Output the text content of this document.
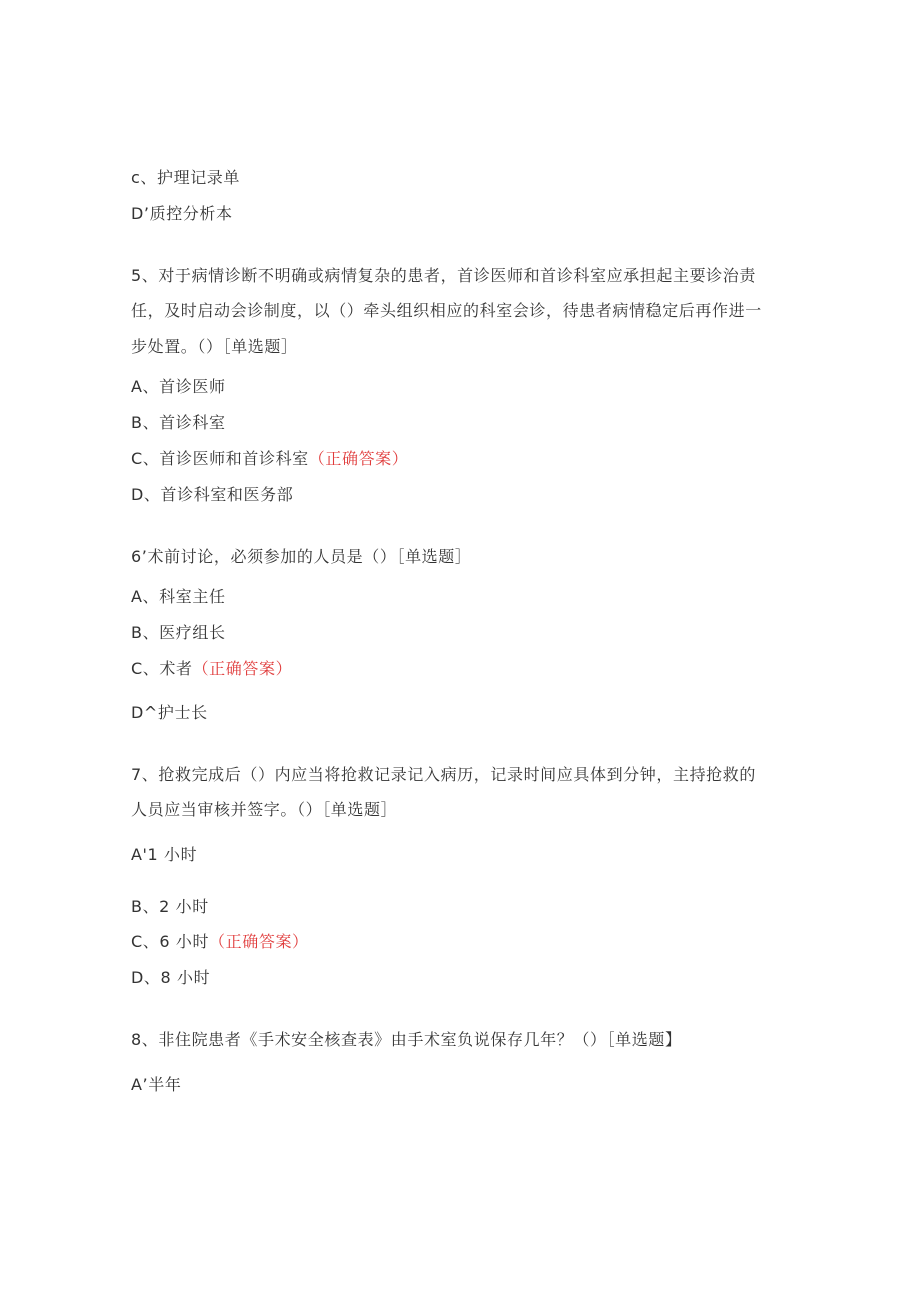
c、护理记录单

D’质控分析本

5、对于病情诊断不明确或病情复杂的患者，首诊医师和首诊科室应承担起主要诊治责

任，及时启动会诊制度，以（）牵头组织相应的科室会诊，待患者病情稳定后再作进一

步处置。（）［单选题］

A、首诊医师

B、首诊科室

C、首诊医师和首诊科室（正确答案）

D、首诊科室和医务部

6’术前讨论，必须参加的人员是（）［单选题］

A、科室主任

B、医疗组长

C、术者（正确答案）

D^护士长

7、抢救完成后（）内应当将抢救记录记入病历，记录时间应具体到分钟，主持抢救的

人员应当审核并签字。（）［单选题］

A'1 小时

B、2 小时

C、6 小时（正确答案）

D、8 小时

8、非住院患者《手术安全核查表》由手术室负说保存几年？（）［单选题】

A’半年
